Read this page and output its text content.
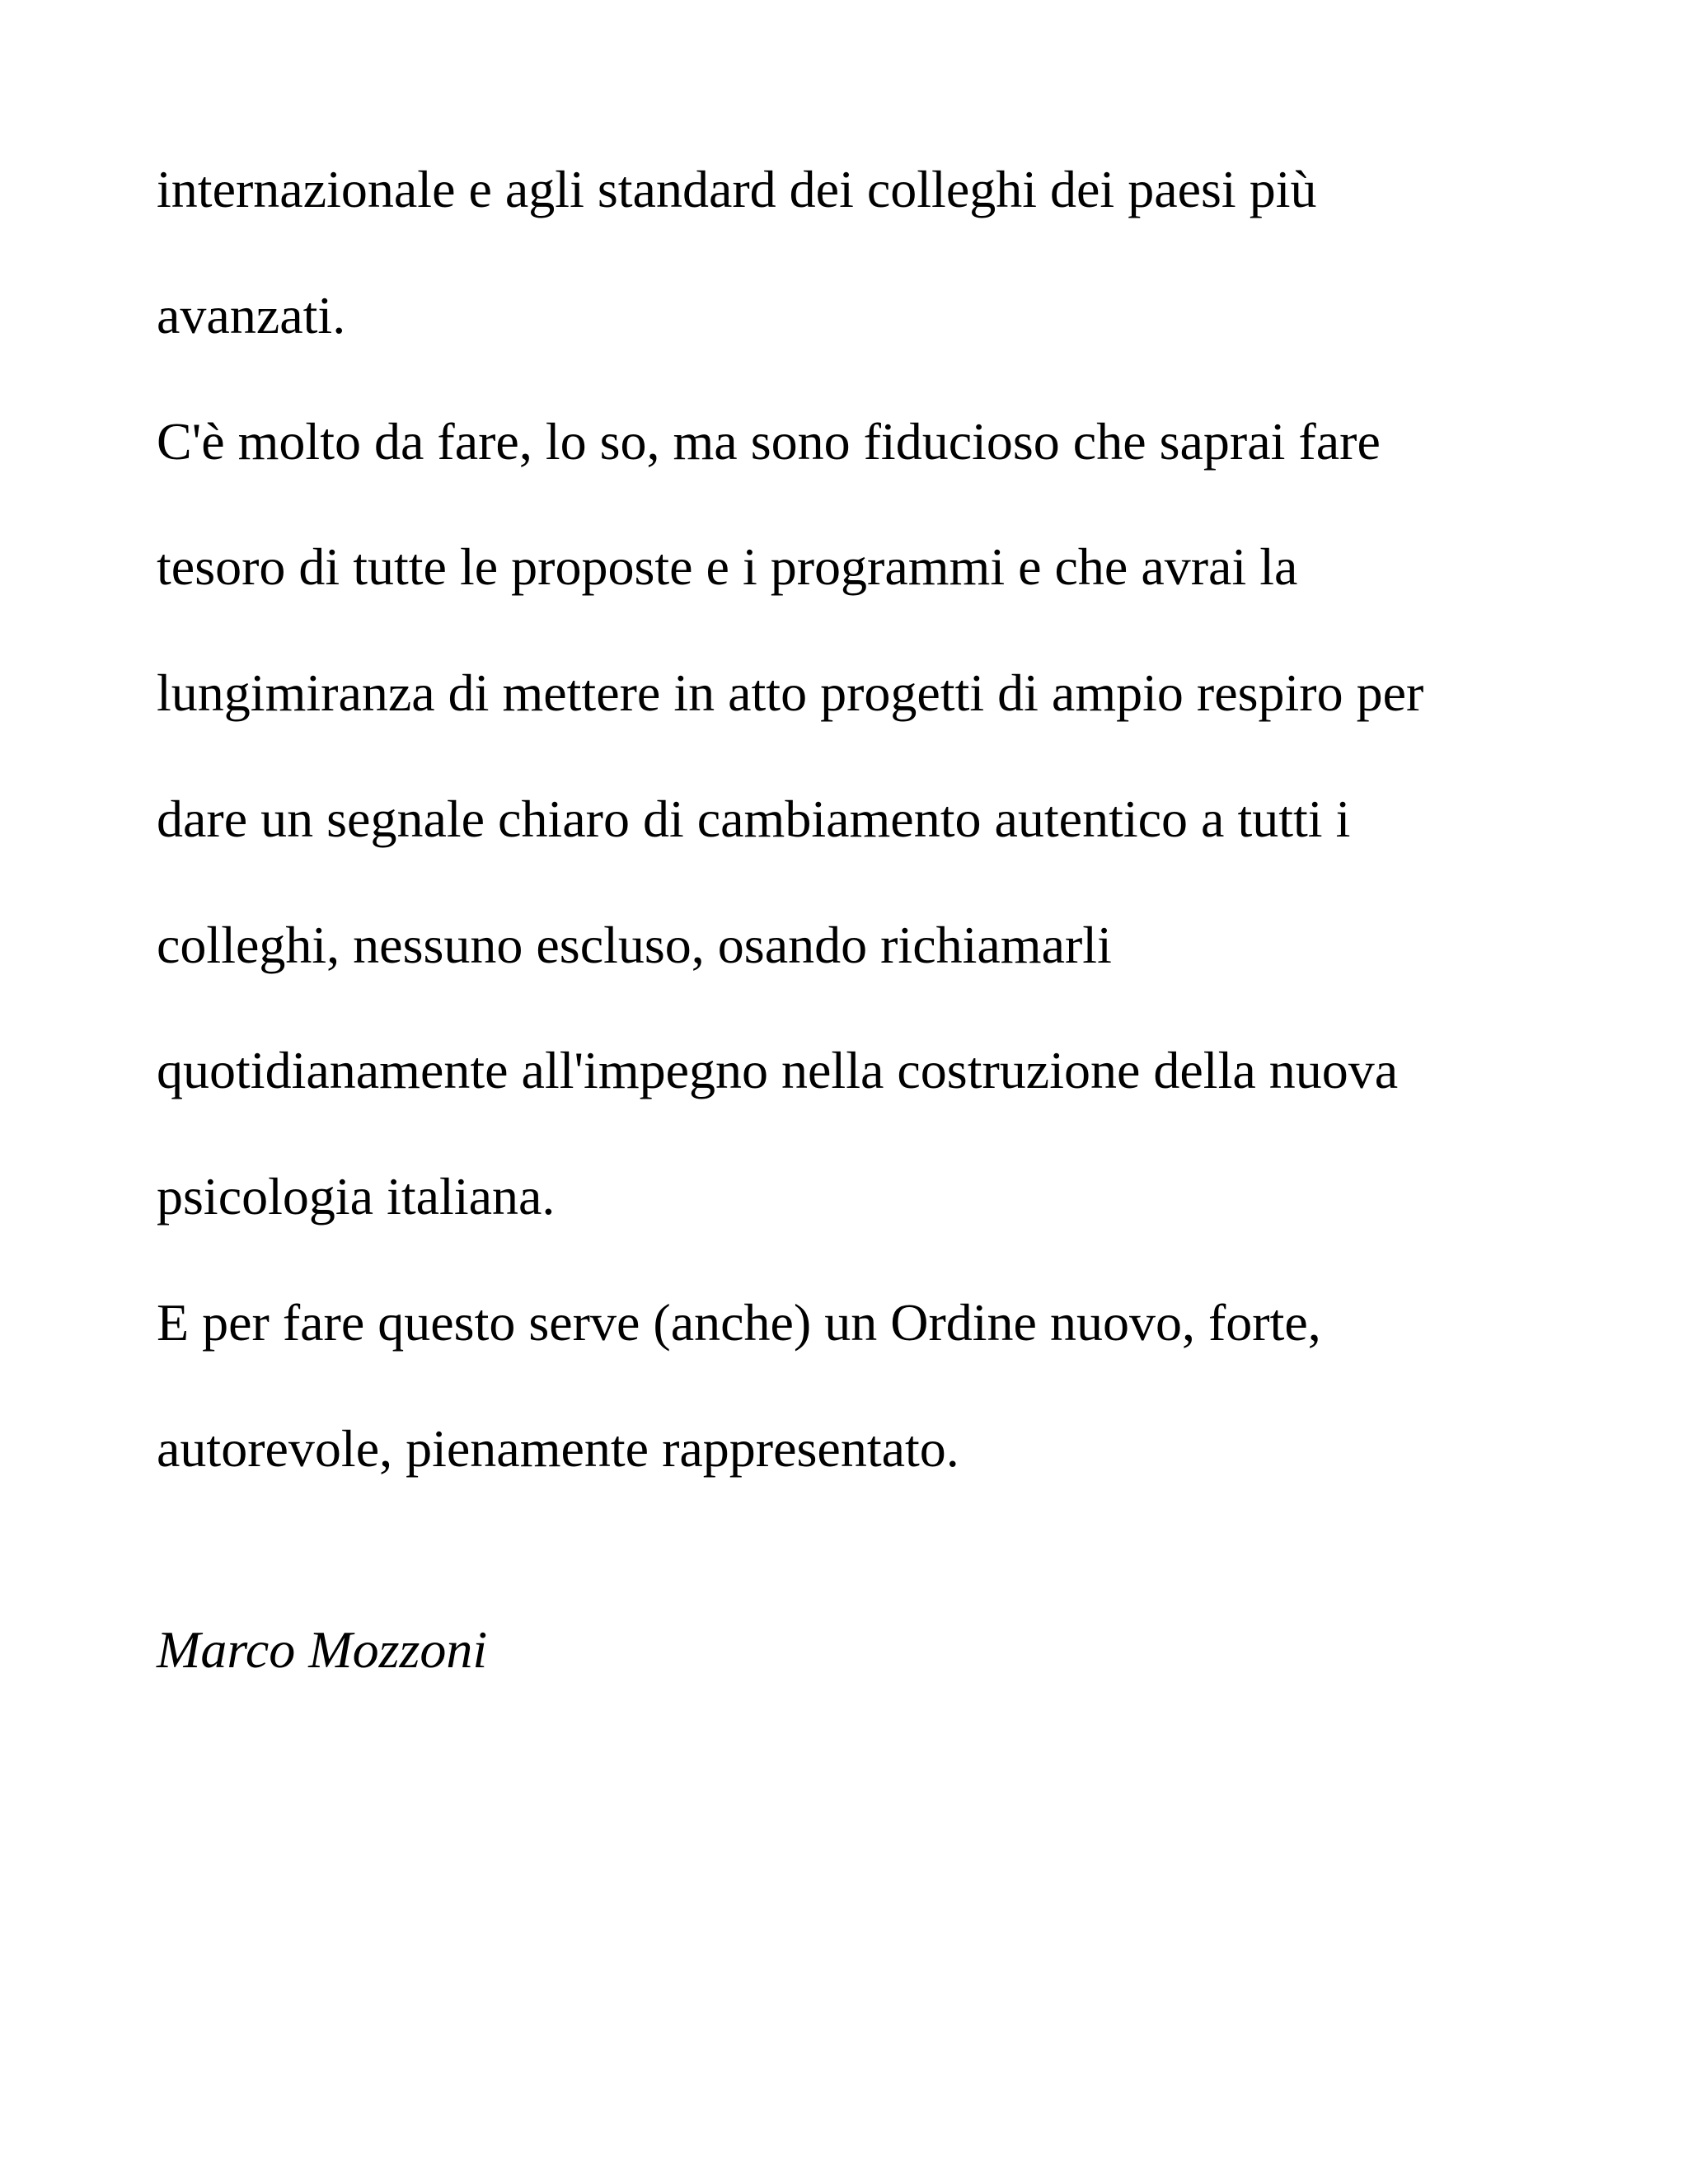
internazionale e agli standard dei colleghi dei paesi più
avanzati.
C'è molto da fare, lo so, ma sono fiducioso che saprai fare
tesoro di tutte le proposte e i programmi e che avrai la
lungimiranza di mettere in atto progetti di ampio respiro per
dare un segnale chiaro di cambiamento autentico a tutti i
colleghi, nessuno escluso, osando richiamarli
quotidianamente all'impegno nella costruzione della nuova
psicologia italiana.
E per fare questo serve (anche) un Ordine nuovo, forte,
autorevole, pienamente rappresentato.
Marco Mozzoni
